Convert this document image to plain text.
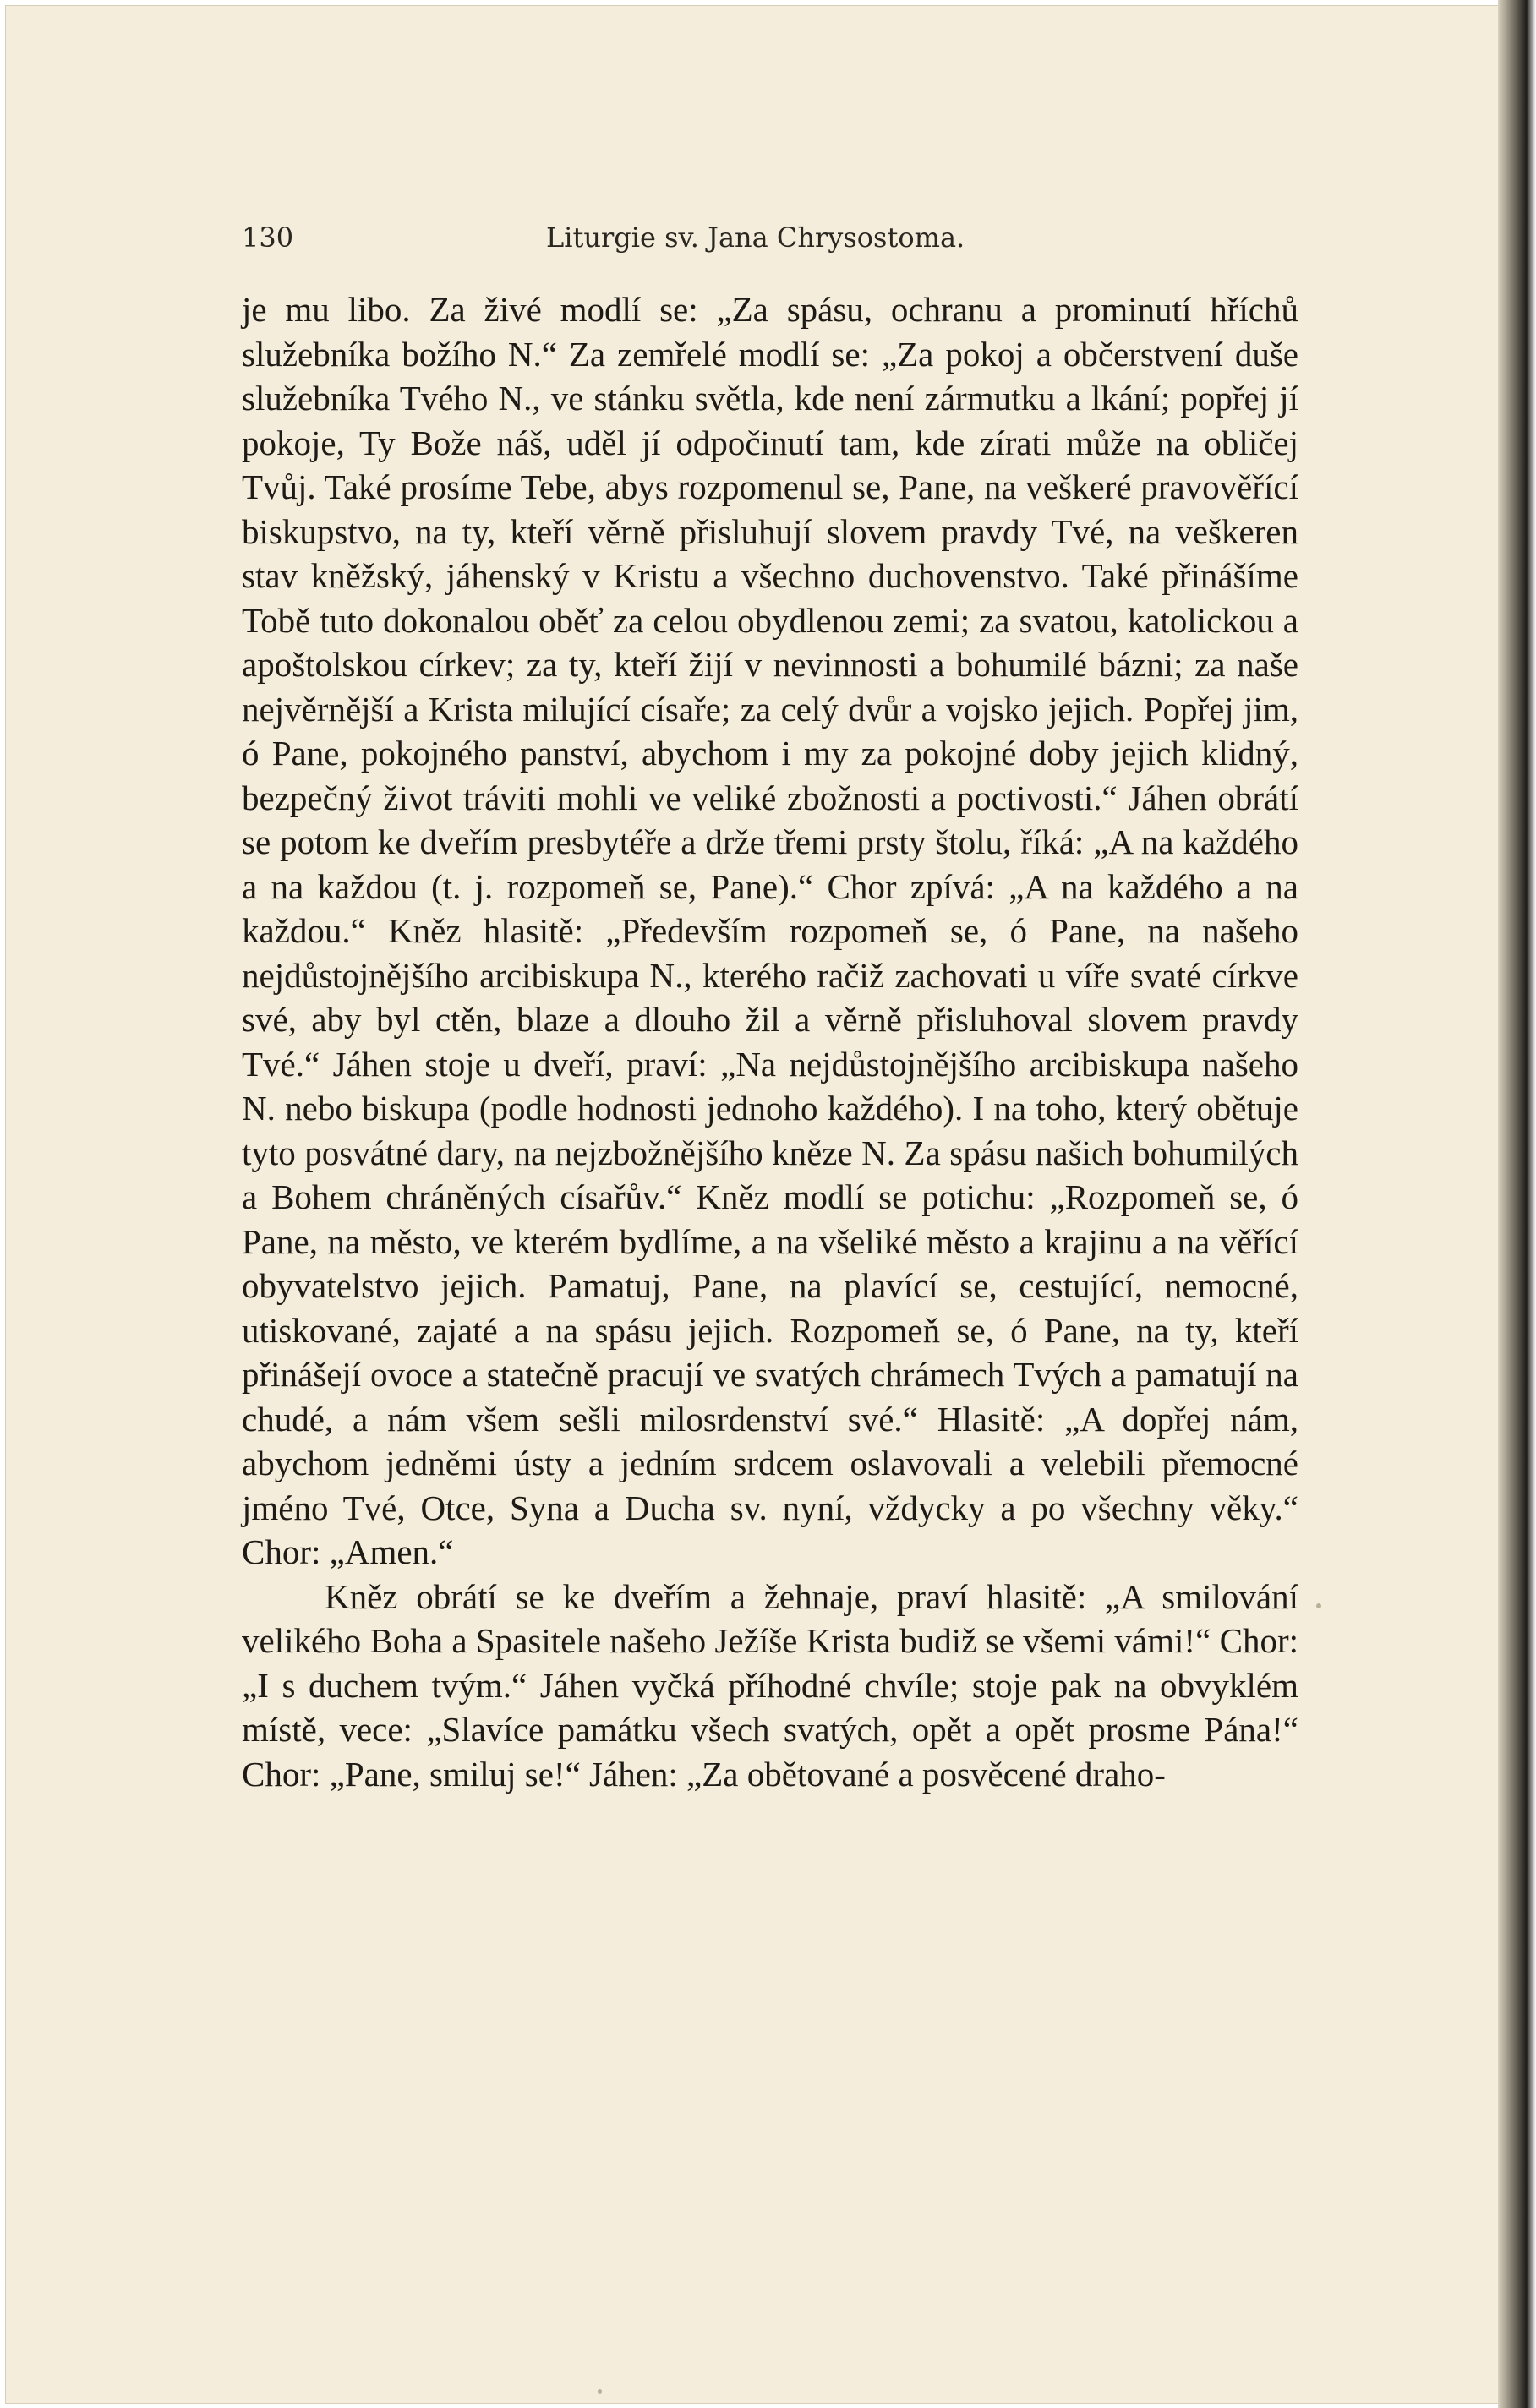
130	Liturgie sv. Jana Chrysostoma.

je mu libo. Za živé modlí se: „Za spásu, ochranu a prominutí hříchů služebníka božího N.“ Za zemřelé modlí se: „Za pokoj a občerstvení duše služebníka Tvého N., ve stánku světla, kde není zármutku a lkání; popřej jí pokoje, Ty Bože náš, uděl jí odpočinutí tam, kde zírati může na obličej Tvůj. Také prosíme Tebe, abys rozpomenul se, Pane, na veškeré pravověřící biskupstvo, na ty, kteří věrně přisluhují slovem pravdy Tvé, na veškeren stav kněžský, jáhenský v Kristu a všechno duchovenstvo. Také přinášíme Tobě tuto dokonalou oběť za celou obydlenou zemi; za svatou, katolickou a apoštolskou církev; za ty, kteří žijí v nevinnosti a bohumilé bázni; za naše nejvěrnější a Krista milující císaře; za celý dvůr a vojsko jejich. Popřej jim, ó Pane, pokojného panství, abychom i my za pokojné doby jejich klidný, bezpečný život tráviti mohli ve veliké zbožnosti a poctivosti.“ Jáhen obrátí se potom ke dveřím presbytéře a drže třemi prsty štolu, říká: „A na každého a na každou (t. j. rozpomeň se, Pane).“ Chor zpívá: „A na každého a na každou.“ Kněz hlasitě: „Především rozpomeň se, ó Pane, na našeho nejdůstojnějšího arcibiskupa N., kterého račiž zachovati u víře svaté církve své, aby byl ctěn, blaze a dlouho žil a věrně přisluhoval slovem pravdy Tvé.“ Jáhen stoje u dveří, praví: „Na nejdůstojnějšího arcibiskupa našeho N. nebo biskupa (podle hodnosti jednoho každého). I na toho, který obětuje tyto posvátné dary, na nejzbožnějšího kněze N. Za spásu našich bohumilých a Bohem chráněných císařův.“ Kněz modlí se potichu: „Rozpomeň se, ó Pane, na město, ve kterém bydlíme, a na všeliké město a krajinu a na věřící obyvatelstvo jejich. Pamatuj, Pane, na plavící se, cestující, nemocné, utiskované, zajaté a na spásu jejich. Rozpomeň se, ó Pane, na ty, kteří přinášejí ovoce a statečně pracují ve svatých chrámech Tvých a pamatují na chudé, a nám všem sešli milosrdenství své.“ Hlasitě: „A dopřej nám, abychom jedněmi ústy a jedním srdcem oslavovali a velebili přemocné jméno Tvé, Otce, Syna a Ducha sv. nyní, vždycky a po všechny věky.“ Chor: „Amen.“

Kněz obrátí se ke dveřím a žehnaje, praví hlasitě: „A smilování velikého Boha a Spasitele našeho Ježíše Krista budiž se všemi vámi!“ Chor: „I s duchem tvým.“ Jáhen vyčká příhodné chvíle; stoje pak na obvyklém místě, vece: „Slavíce památku všech svatých, opět a opět prosme Pána!“ Chor: „Pane, smiluj se!“ Jáhen: „Za obětované a posvěcené draho-
